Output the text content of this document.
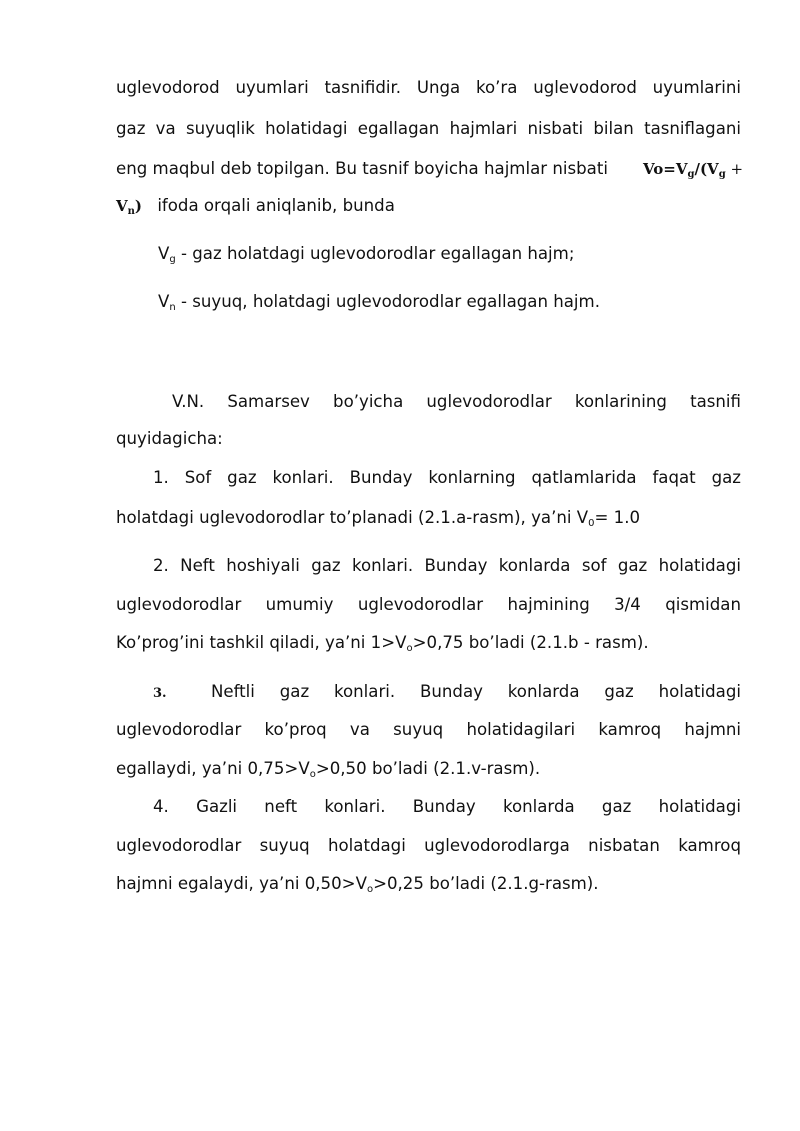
uglevodorod uyumlari tasnifidir. Unga ko’ra uglevodorod uyumlarini
gaz va suyuqlik holatidagi egallagan hajmlari nisbati bilan tasniflagani
eng maqbul deb topilgan. Bu tasnif boyicha hajmlar nisbati $Vo=V_g/(V_g$ +
$V_n$) ifoda orqali aniqlanib, bunda
$V_g$ - gaz holatdagi uglevodorodlar egallagan hajm;
$V_n$ - suyuq, holatdagi uglevodorodlar egallagan hajm.
V.N. Samarsev bo’yicha uglevodorodlar konlarining tasnifi
quyidagicha:
1. Sof gaz konlari. Bunday konlarning qatlamlarida faqat gaz
holatdagi uglevodorodlar to’planadi (2.1.a-rasm), ya’ni $V_0= 1.0$
2. Neft hoshiyali gaz konlari. Bunday konlarda sof gaz holatidagi
uglevodorodlar umumiy uglevodorodlar hajmining 3/4 qismidan
Ko’prog’ini tashkil qiladi, ya’ni $1>V_o>0,75$ bo’ladi (2.1.b - rasm).
3.	Neftli gaz konlari. Bunday konlarda gaz holatidagi
uglevodorodlar ko’proq va suyuq holatidagilari kamroq hajmni
egallaydi, ya’ni $0,75>V_o>0,50$ bo’ladi (2.1.v-rasm).
4. Gazli neft konlari. Bunday konlarda gaz holatidagi
uglevodorodlar suyuq holatdagi uglevodorodlarga nisbatan kamroq
hajmni egalaydi, ya’ni $0,50>V_o>0,25$ bo’ladi (2.1.g-rasm).
